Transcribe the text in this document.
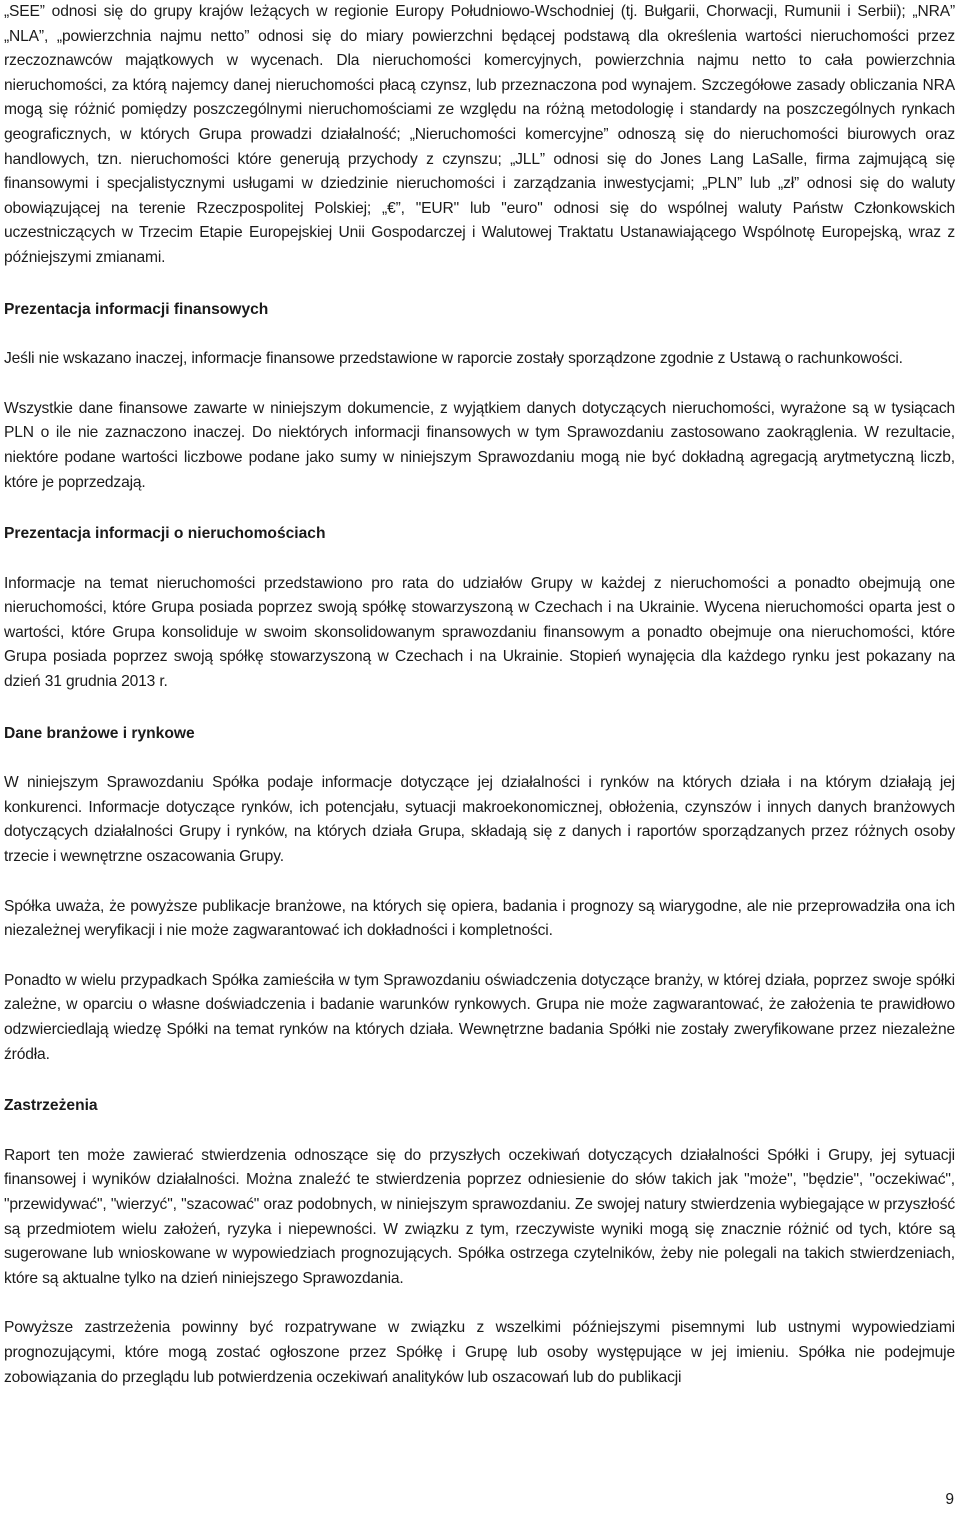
„SEE” odnosi się do grupy krajów leżących w regionie Europy Południowo-Wschodniej (tj. Bułgarii, Chorwacji, Rumunii i Serbii); „NRA” „NLA”, „powierzchnia najmu netto” odnosi się do miary powierzchni będącej podstawą dla określenia wartości nieruchomości przez rzeczoznawców majątkowych w wycenach. Dla nieruchomości komercyjnych, powierzchnia najmu netto to cała powierzchnia nieruchomości, za którą najemcy danej nieruchomości płacą czynsz, lub przeznaczona pod wynajem. Szczegółowe zasady obliczania NRA mogą się różnić pomiędzy poszczególnymi nieruchomościami ze względu na różną metodologię i standardy na poszczególnych rynkach geograficznych, w których Grupa prowadzi działalność; „Nieruchomości komercyjne” odnoszą się do nieruchomości biurowych oraz handlowych, tzn. nieruchomości które generują przychody z czynszu; „JLL” odnosi się do Jones Lang LaSalle, firma zajmującą się finansowymi i specjalistycznymi usługami w dziedzinie nieruchomości i zarządzania inwestycjami; „PLN” lub „zł” odnosi się do waluty obowiązującej na terenie Rzeczpospolitej Polskiej; „€”, "EUR" lub "euro" odnosi się do wspólnej waluty Państw Członkowskich uczestniczących w Trzecim Etapie Europejskiej Unii Gospodarczej i Walutowej Traktatu Ustanawiającego Wspólnotę Europejską, wraz z późniejszymi zmianami.

Prezentacja informacji finansowych

Jeśli nie wskazano inaczej, informacje finansowe przedstawione w raporcie zostały sporządzone zgodnie z Ustawą o rachunkowości.

Wszystkie dane finansowe zawarte w niniejszym dokumencie, z wyjątkiem danych dotyczących nieruchomości, wyrażone są w tysiącach PLN o ile nie zaznaczono inaczej. Do niektórych informacji finansowych w tym Sprawozdaniu zastosowano zaokrąglenia. W rezultacie, niektóre podane wartości liczbowe podane jako sumy w niniejszym Sprawozdaniu mogą nie być dokładną agregacją arytmetyczną liczb, które je poprzedzają.

Prezentacja informacji o nieruchomościach

Informacje na temat nieruchomości przedstawiono pro rata do udziałów Grupy w każdej z nieruchomości a ponadto obejmują one nieruchomości, które Grupa posiada poprzez swoją spółkę stowarzyszoną w Czechach i na Ukrainie. Wycena nieruchomości oparta jest o wartości, które Grupa konsoliduje w swoim skonsolidowanym sprawozdaniu finansowym a ponadto obejmuje ona nieruchomości, które Grupa posiada poprzez swoją spółkę stowarzyszoną w Czechach i na Ukrainie. Stopień wynajęcia dla każdego rynku jest pokazany na dzień 31 grudnia 2013 r.

Dane branżowe i rynkowe

W niniejszym Sprawozdaniu Spółka podaje informacje dotyczące jej działalności i rynków na których działa i na którym działają jej konkurenci. Informacje dotyczące rynków, ich potencjału, sytuacji makroekonomicznej, obłożenia, czynszów i innych danych branżowych dotyczących działalności Grupy i rynków, na których działa Grupa, składają się z danych i raportów sporządzanych przez różnych osoby trzecie i wewnętrzne oszacowania Grupy.

Spółka uważa, że powyższe publikacje branżowe, na których się opiera, badania i prognozy są wiarygodne, ale nie przeprowadziła ona ich niezależnej weryfikacji i nie może zagwarantować ich dokładności i kompletności.

Ponadto w wielu przypadkach Spółka zamieściła w tym Sprawozdaniu oświadczenia dotyczące branży, w której działa, poprzez swoje spółki zależne, w oparciu o własne doświadczenia i badanie warunków rynkowych. Grupa nie może zagwarantować, że założenia te prawidłowo odzwierciedlają wiedzę Spółki na temat rynków na których działa. Wewnętrzne badania Spółki nie zostały zweryfikowane przez niezależne źródła.

Zastrzeżenia

Raport ten może zawierać stwierdzenia odnoszące się do przyszłych oczekiwań dotyczących działalności Spółki i Grupy, jej sytuacji finansowej i wyników działalności. Można znaleźć te stwierdzenia poprzez odniesienie do słów takich jak "może", "będzie", "oczekiwać", "przewidywać", "wierzyć", "szacować" oraz podobnych, w niniejszym sprawozdaniu. Ze swojej natury stwierdzenia wybiegające w przyszłość są przedmiotem wielu założeń, ryzyka i niepewności. W związku z tym, rzeczywiste wyniki mogą się znacznie różnić od tych, które są sugerowane lub wnioskowane w wypowiedziach prognozujących. Spółka ostrzega czytelników, żeby nie polegali na takich stwierdzeniach, które są aktualne tylko na dzień niniejszego Sprawozdania.

Powyższe zastrzeżenia powinny być rozpatrywane w związku z wszelkimi późniejszymi pisemnymi lub ustnymi wypowiedziami prognozującymi, które mogą zostać ogłoszone przez Spółkę i Grupę lub osoby występujące w jej imieniu. Spółka nie podejmuje zobowiązania do przeglądu lub potwierdzenia oczekiwań analityków lub oszacowań lub do publikacji

9
